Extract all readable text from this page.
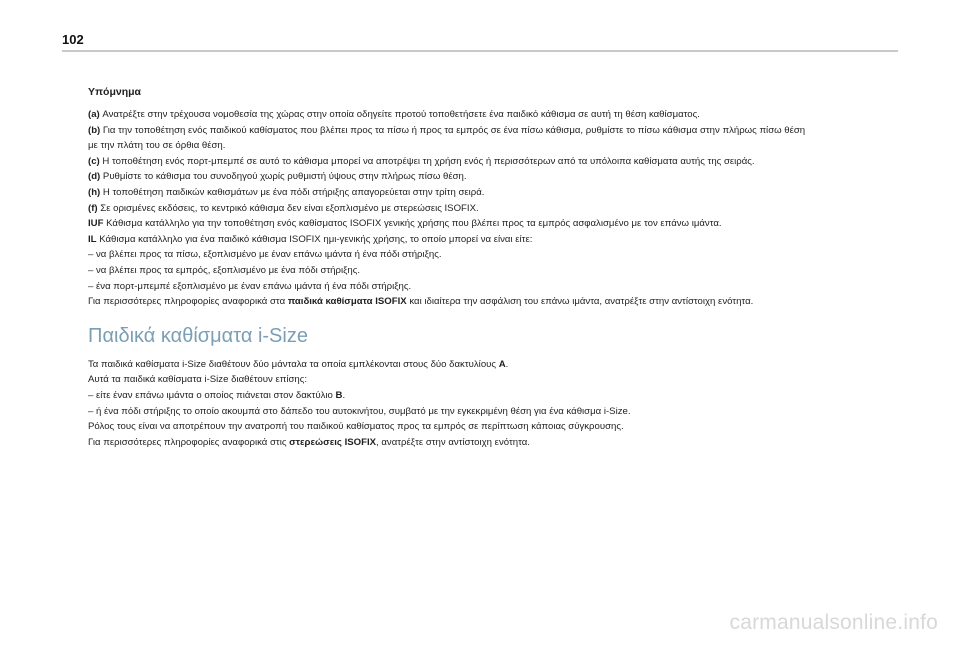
102
Υπόμνημα
(a) Ανατρέξτε στην τρέχουσα νομοθεσία της χώρας στην οποία οδηγείτε προτού τοποθετήσετε ένα παιδικό κάθισμα σε αυτή τη θέση καθίσματος.
(b) Για την τοποθέτηση ενός παιδικού καθίσματος που βλέπει προς τα πίσω ή προς τα εμπρός σε ένα πίσω κάθισμα, ρυθμίστε το πίσω κάθισμα στην πλήρως πίσω θέση
με την πλάτη του σε όρθια θέση.
(c) Η τοποθέτηση ενός πορτ-μπεμπέ σε αυτό το κάθισμα μπορεί να αποτρέψει τη χρήση ενός ή περισσότερων από τα υπόλοιπα καθίσματα αυτής της σειράς.
(d) Ρυθμίστε το κάθισμα του συνοδηγού χωρίς ρυθμιστή ύψους στην πλήρως πίσω θέση.
(h) Η τοποθέτηση παιδικών καθισμάτων με ένα πόδι στήριξης απαγορεύεται στην τρίτη σειρά.
(f) Σε ορισμένες εκδόσεις, το κεντρικό κάθισμα δεν είναι εξοπλισμένο με στερεώσεις ISOFIX.
IUF Κάθισμα κατάλληλο για την τοποθέτηση ενός καθίσματος ISOFIX γενικής χρήσης που βλέπει προς τα εμπρός ασφαλισμένο με τον επάνω ιμάντα.
IL Κάθισμα κατάλληλο για ένα παιδικό κάθισμα ISOFIX ημι-γενικής χρήσης, το οποίο μπορεί να είναι είτε:
– να βλέπει προς τα πίσω, εξοπλισμένο με έναν επάνω ιμάντα ή ένα πόδι στήριξης.
– να βλέπει προς τα εμπρός, εξοπλισμένο με ένα πόδι στήριξης.
– ένα πορτ-μπεμπέ εξοπλισμένο με έναν επάνω ιμάντα ή ένα πόδι στήριξης.
Για περισσότερες πληροφορίες αναφορικά στα παιδικά καθίσματα ISOFIX και ιδιαίτερα την ασφάλιση του επάνω ιμάντα, ανατρέξτε στην αντίστοιχη ενότητα.
Παιδικά καθίσματα i-Size
Τα παιδικά καθίσματα i-Size διαθέτουν δύο μάνταλα τα οποία εμπλέκονται στους δύο δακτυλίους A.
Αυτά τα παιδικά καθίσματα i-Size διαθέτουν επίσης:
– είτε έναν επάνω ιμάντα ο οποίος πιάνεται στον δακτύλιο B.
– ή ένα πόδι στήριξης το οποίο ακουμπά στο δάπεδο του αυτοκινήτου, συμβατό με την εγκεκριμένη θέση για ένα κάθισμα i-Size.
Ρόλος τους είναι να αποτρέπουν την ανατροπή του παιδικού καθίσματος προς τα εμπρός σε περίπτωση κάποιας σύγκρουσης.
Για περισσότερες πληροφορίες αναφορικά στις στερεώσεις ISOFIX, ανατρέξτε στην αντίστοιχη ενότητα.
carmanualsonline.info
